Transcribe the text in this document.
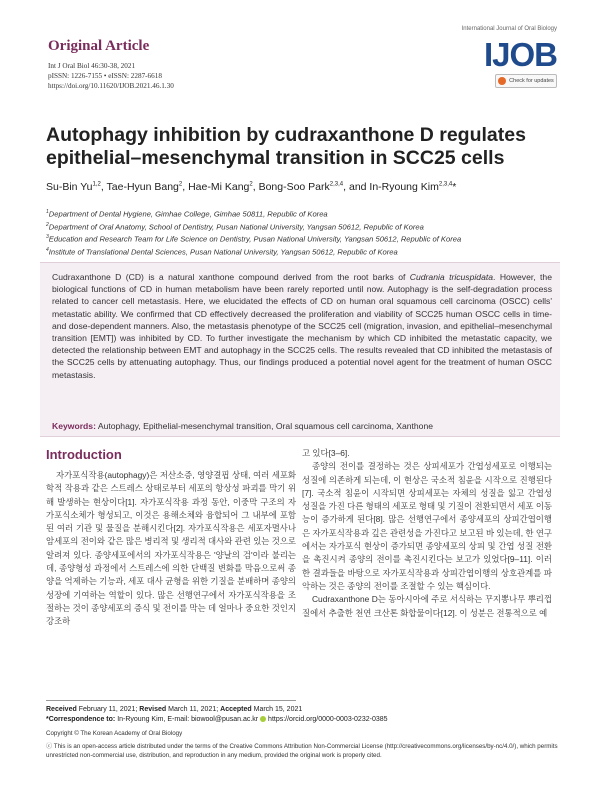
Original Article
Int J Oral Biol 46:30-38, 2021
pISSN: 1226-7155 • eISSN: 2287-6618
https://doi.org/10.11620/IJOB.2021.46.1.30
International Journal of Oral Biology
IJOB
Check for updates
Autophagy inhibition by cudraxanthone D regulates epithelial–mesenchymal transition in SCC25 cells
Su-Bin Yu$^{1,2}$, Tae-Hyun Bang$^2$, Hae-Mi Kang$^2$, Bong-Soo Park$^{2,3,4}$, and In-Ryoung Kim$^{2,3,4}$*
$^1$Department of Dental Hygiene, Gimhae College, Gimhae 50811, Republic of Korea
$^2$Department of Oral Anatomy, School of Dentistry, Pusan National University, Yangsan 50612, Republic of Korea
$^3$Education and Research Team for Life Science on Dentistry, Pusan National University, Yangsan 50612, Republic of Korea
$^4$Institute of Translational Dental Sciences, Pusan National University, Yangsan 50612, Republic of Korea
Cudraxanthone D (CD) is a natural xanthone compound derived from the root barks of Cudrania tricuspidata. However, the biological functions of CD in human metabolism have been rarely reported until now. Autophagy is the self-degradation process related to cancer cell metastasis. Here, we elucidated the effects of CD on human oral squamous cell carcinoma (OSCC) cells' metastatic ability. We confirmed that CD effectively decreased the proliferation and viability of SCC25 human OSCC cells in time- and dose-dependent manners. Also, the metastasis phenotype of the SCC25 cell (migration, invasion, and epithelial–mesenchymal transition [EMT]) was inhibited by CD. To further investigate the mechanism by which CD inhibited the metastatic capacity, we detected the relationship between EMT and autophagy in the SCC25 cells. The results revealed that CD inhibited the metastasis of the SCC25 cells by attenuating autophagy. Thus, our findings produced a potential novel agent for the treatment of human OSCC metastasis.
Keywords: Autophagy, Epithelial-mesenchymal transition, Oral squamous cell carcinoma, Xanthone
Introduction

자가포식작용(autophagy)은 저산소증, 영양결핍 상태, 여러 세포화학적 작용과 같은 스트레스 상태로부터 세포의 항상성 파괴를 막기 위해 발생하는 현상이다[1]. 자가포식작용 과정 동안, 이중막 구조의 자가포식소체가 형성되고, 이것은 용해소체와 융합되어 그 내부에 포함된 여러 기관 및 물질을 분해시킨다[2]. 자가포식작용은 세포자멸사나 암세포의 전이와 같은 많은 병리적 및 생리적 대사와 관련 있는 것으로 알려져 있다. 종양세포에서의 자가포식작용은 '양날의 검'이라 불리는데, 종양형성 과정에서 스트레스에 의한 단백질 변화를 막음으로써 종양을 억제하는 기능과, 세포 대사 균형을 위한 기질을 분배하며 종양의 성장에 기여하는 역할이 있다. 많은 선행연구에서 자가포식작용을 조절하는 것이 종양세포의 증식 및 전이를 막는 데 얼마나 중요한 것인지 강조하

고 있다[3–6].

종양의 전이를 결정하는 것은 상피세포가 간엽성세포로 이행되는 성질에 의존하게 되는데, 이 현상은 국소적 침윤을 시작으로 진행된다[7]. 국소적 침윤이 시작되면 상피세포는 자체의 성질을 잃고 간엽성 성질을 가진 다른 형태의 세포로 형태 및 기질이 전환되면서 세포 이동능이 증가하게 된다[8]. 많은 선행연구에서 종양세포의 상피간엽이행은 자가포식작용과 깊은 관련성을 가진다고 보고된 바 있는데, 한 연구에서는 자가포식 현상이 증가되면 종양세포의 상피 및 간엽 성질 전환을 촉진시켜 종양의 전이를 촉진시킨다는 보고가 있었다[9–11]. 이러한 결과들을 바탕으로 자가포식작용과 상피간엽이행의 상호관계를 파악하는 것은 종양의 전이를 조절할 수 있는 핵심이다.

Cudraxanthone D는 동아시아에 주로 서식하는 꾸지뽕나무 뿌리껍질에서 추출한 천연 크산톤 화합물이다[12]. 이 성분은 전통적으로 예

Received February 11, 2021; Revised March 11, 2021; Accepted March 15, 2021
*Correspondence to: In-Ryoung Kim, E-mail: biowool@pusan.ac.kr https://orcid.org/0000-0003-0232-0385
Copyright © The Korean Academy of Oral Biology
ⓒ This is an open-access article distributed under the terms of the Creative Commons Attribution Non-Commercial License (http://creativecommons.org/licenses/by-nc/4.0/), which permits unrestricted non-commercial use, distribution, and reproduction in any medium, provided the original work is properly cited.
